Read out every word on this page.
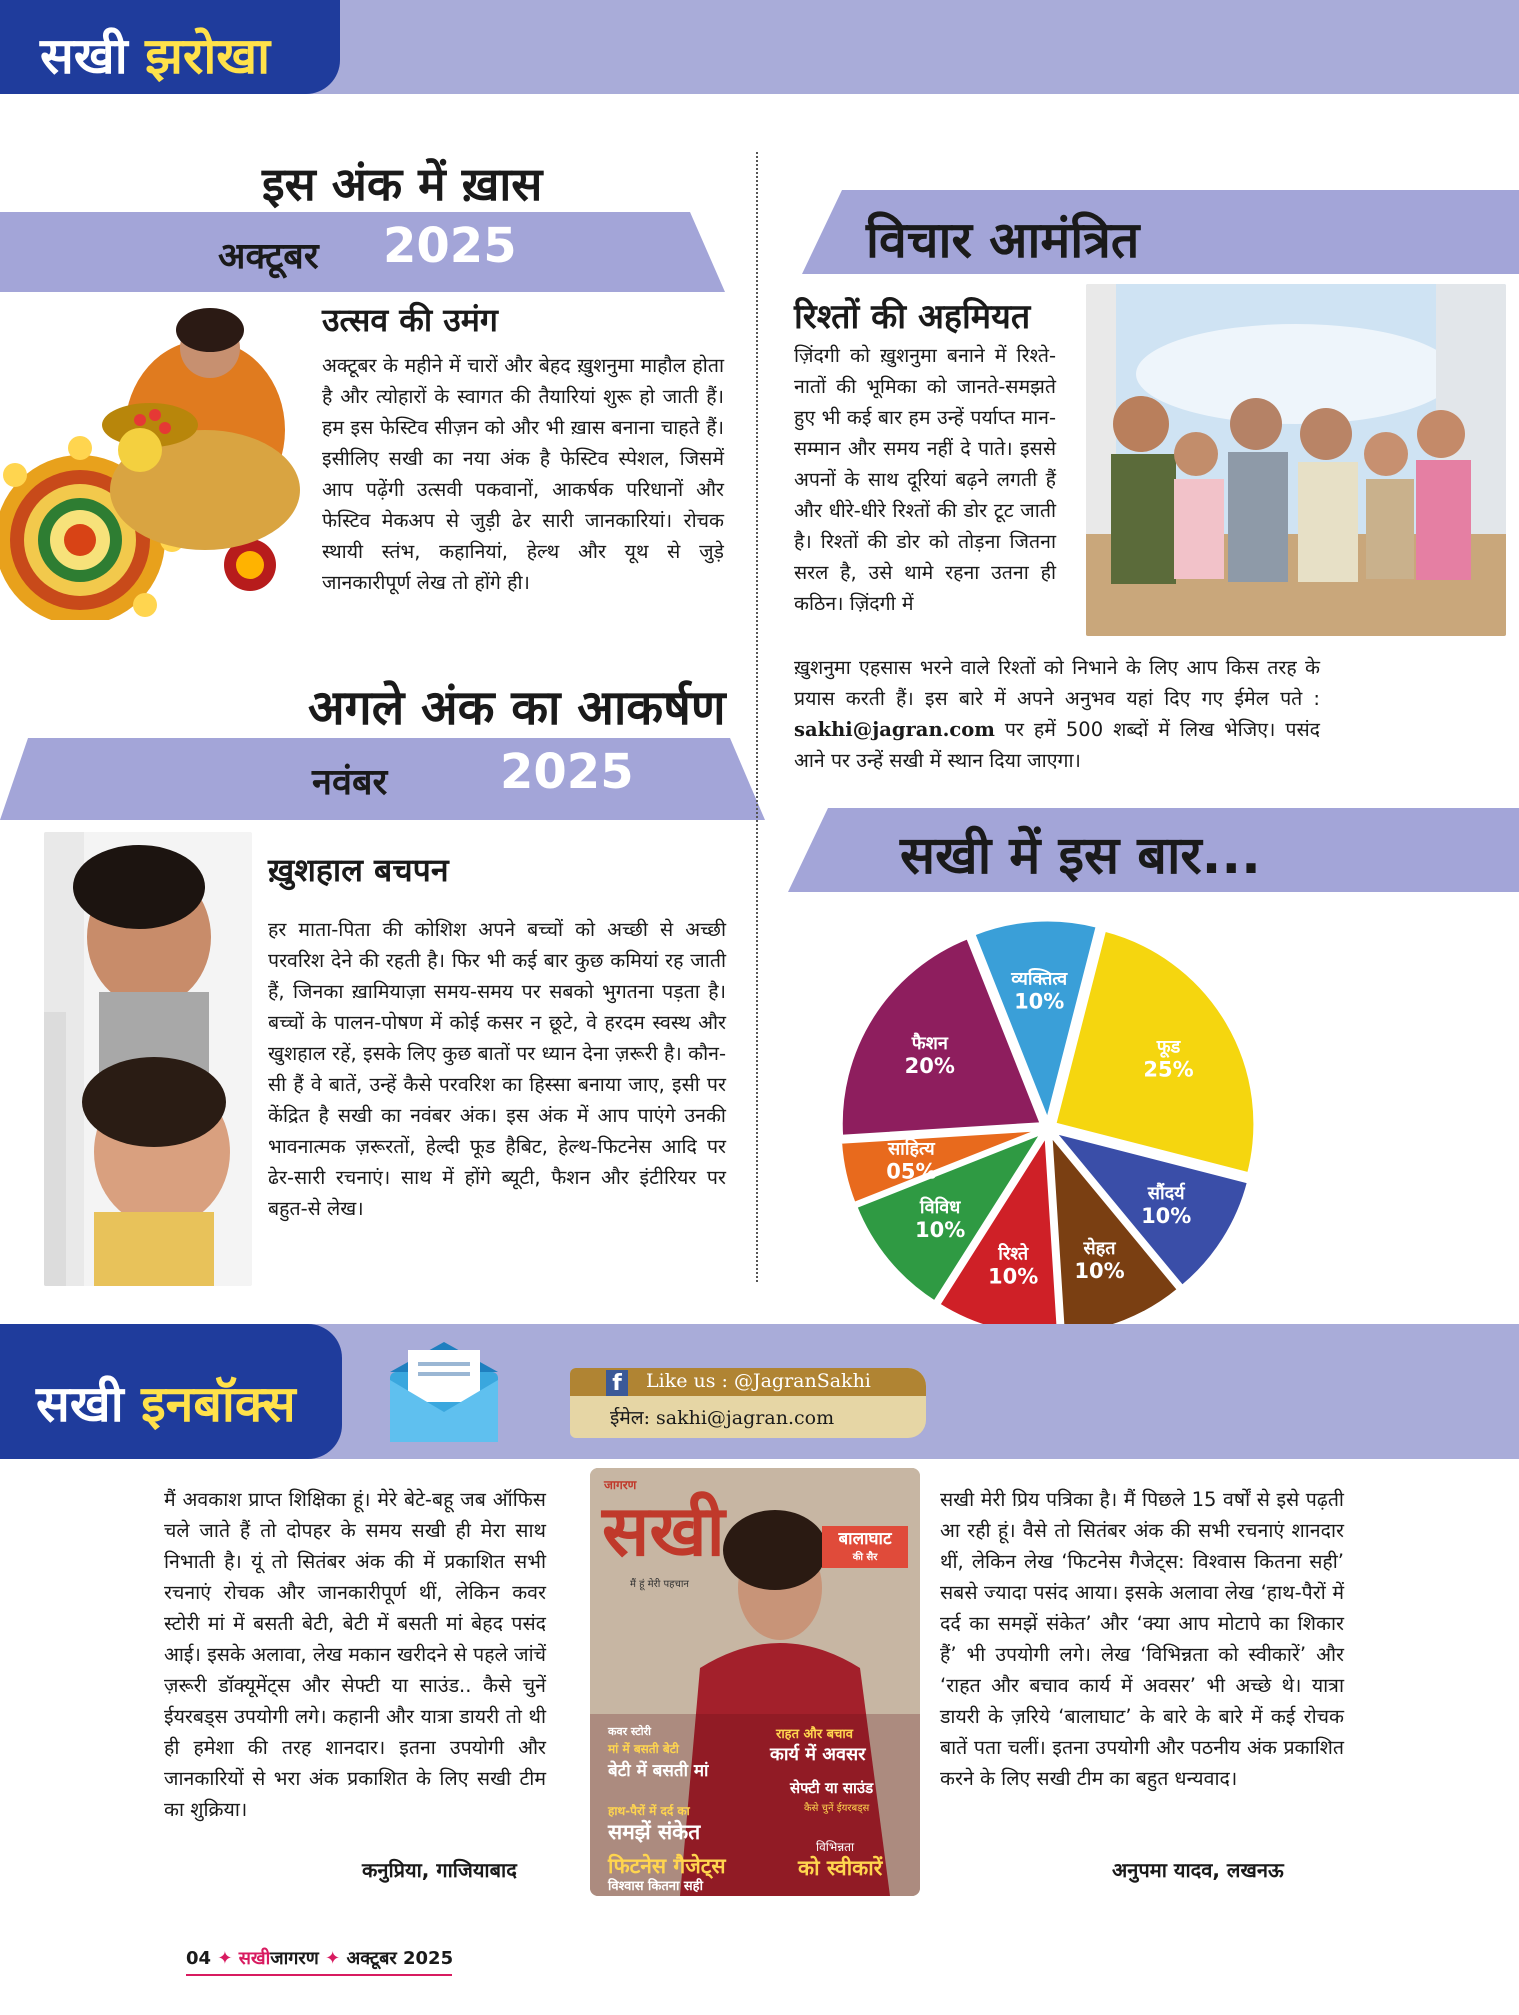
सखी झरोखा
इस अंक में ख़ास
अक्टूबर 2025
उत्सव की उमंग
अक्टूबर के महीने में चारों और बेहद ख़ुशनुमा माहौल होता है और त्योहारों के स्वागत की तैयारियां शुरू हो जाती हैं। हम इस फेस्टिव सीज़न को और भी ख़ास बनाना चाहते हैं। इसीलिए सखी का नया अंक है फेस्टिव स्पेशल, जिसमें आप पढ़ेंगी उत्सवी पकवानों, आकर्षक परिधानों और फेस्टिव मेकअप से जुड़ी ढेर सारी जानकारियां। रोचक स्थायी स्तंभ, कहानियां, हेल्थ और यूथ से जुड़े जानकारीपूर्ण लेख तो होंगे ही।
अगले अंक का आकर्षण
नवंबर 2025
ख़ुशहाल बचपन
हर माता-पिता की कोशिश अपने बच्चों को अच्छी से अच्छी परवरिश देने की रहती है। फिर भी कई बार कुछ कमियां रह जाती हैं, जिनका ख़ामियाज़ा समय-समय पर सबको भुगतना पड़ता है। बच्चों के पालन-पोषण में कोई कसर न छूटे, वे हरदम स्वस्थ और खुशहाल रहें, इसके लिए कुछ बातों पर ध्यान देना ज़रूरी है। कौन-सी हैं वे बातें, उन्हें कैसे परवरिश का हिस्सा बनाया जाए, इसी पर केंद्रित है सखी का नवंबर अंक। इस अंक में आप पाएंगे उनकी भावनात्मक ज़रूरतों, हेल्दी फूड हैबिट, हेल्थ-फिटनेस आदि पर ढेर-सारी रचनाएं। साथ में होंगे ब्यूटी, फैशन और इंटीरियर पर बहुत-से लेख।
विचार आमंत्रित
रिश्तों की अहमियत
ज़िंदगी को ख़ुशनुमा बनाने में रिश्ते-नातों की भूमिका को जानते-समझते हुए भी कई बार हम उन्हें पर्याप्त मान-सम्मान और समय नहीं दे पाते। इससे अपनों के साथ दूरियां बढ़ने लगती हैं और धीरे-धीरे रिश्तों की डोर टूट जाती है। रिश्तों की डोर को तोड़ना जितना सरल है, उसे थामे रहना उतना ही कठिन। ज़िंदगी में
ख़ुशनुमा एहसास भरने वाले रिश्तों को निभाने के लिए आप किस तरह के प्रयास करती हैं। इस बारे में अपने अनुभव यहां दिए गए ईमेल पते : sakhi@jagran.com पर हमें 500 शब्दों में लिख भेजिए। पसंद आने पर उन्हें सखी में स्थान दिया जाएगा।
सखी में इस बार...
व्यक्तित्व
10%
फूड
25%
सौंदर्य
10%
सेहत
10%
रिश्ते
10%
विविध
10%
साहित्य
05%
फैशन
20%
सखी इनबॉक्स	f	Like us : @JagranSakhi
ईमेल: sakhi@jagran.com
मैं अवकाश प्राप्त शिक्षिका हूं। मेरे बेटे-बहू जब ऑफिस चले जाते हैं तो दोपहर के समय सखी ही मेरा साथ निभाती है। यूं तो सितंबर अंक की में प्रकाशित सभी रचनाएं रोचक और जानकारीपूर्ण थीं, लेकिन कवर स्टोरी मां में बसती बेटी, बेटी में बसती मां बेहद पसंद आई। इसके अलावा, लेख मकान खरीदने से पहले जांचें ज़रूरी डॉक्यूमेंट्स और सेफ्टी या साउंड.. कैसे चुनें ईयरबड्स उपयोगी लगे। कहानी और यात्रा डायरी तो थी ही हमेशा की तरह शानदार। इतना उपयोगी और जानकारियों से भरा अंक प्रकाशित के लिए सखी टीम का शुक्रिया।
कनुप्रिया, गाजियाबाद
जागरण
सखी
मैं हूं मेरी पहचान
बालाघाट
की सैर
कवर स्टोरी
मां में बसती बेटी
बेटी में बसती मां
हाथ-पैरों में दर्द का
समझें संकेत
फिटनेस गैजेट्स
विश्वास कितना सही
राहत और बचाव
कार्य में अवसर
सेफ्टी या साउंड
कैसे चुनें ईयरबड्स
विभिन्नता
को स्वीकारें
सखी मेरी प्रिय पत्रिका है। मैं पिछले 15 वर्षों से इसे पढ़ती आ रही हूं। वैसे तो सितंबर अंक की सभी रचनाएं शानदार थीं, लेकिन लेख ‘फिटनेस गैजेट्स: विश्वास कितना सही’ सबसे ज्यादा पसंद आया। इसके अलावा लेख ‘हाथ-पैरों में दर्द का समझें संकेत’ और ‘क्या आप मोटापे का शिकार हैं’ भी उपयोगी लगे। लेख ‘विभिन्नता को स्वीकारें’ और ‘राहत और बचाव कार्य में अवसर’ भी अच्छे थे। यात्रा डायरी के ज़रिये ‘बालाघाट’ के बारे के बारे में कई रोचक बातें पता चलीं। इतना उपयोगी और पठनीय अंक प्रकाशित करने के लिए सखी टीम का बहुत धन्यवाद।
अनुपमा यादव, लखनऊ
04 ✦ सखीजागरण ✦ अक्टूबर 2025
